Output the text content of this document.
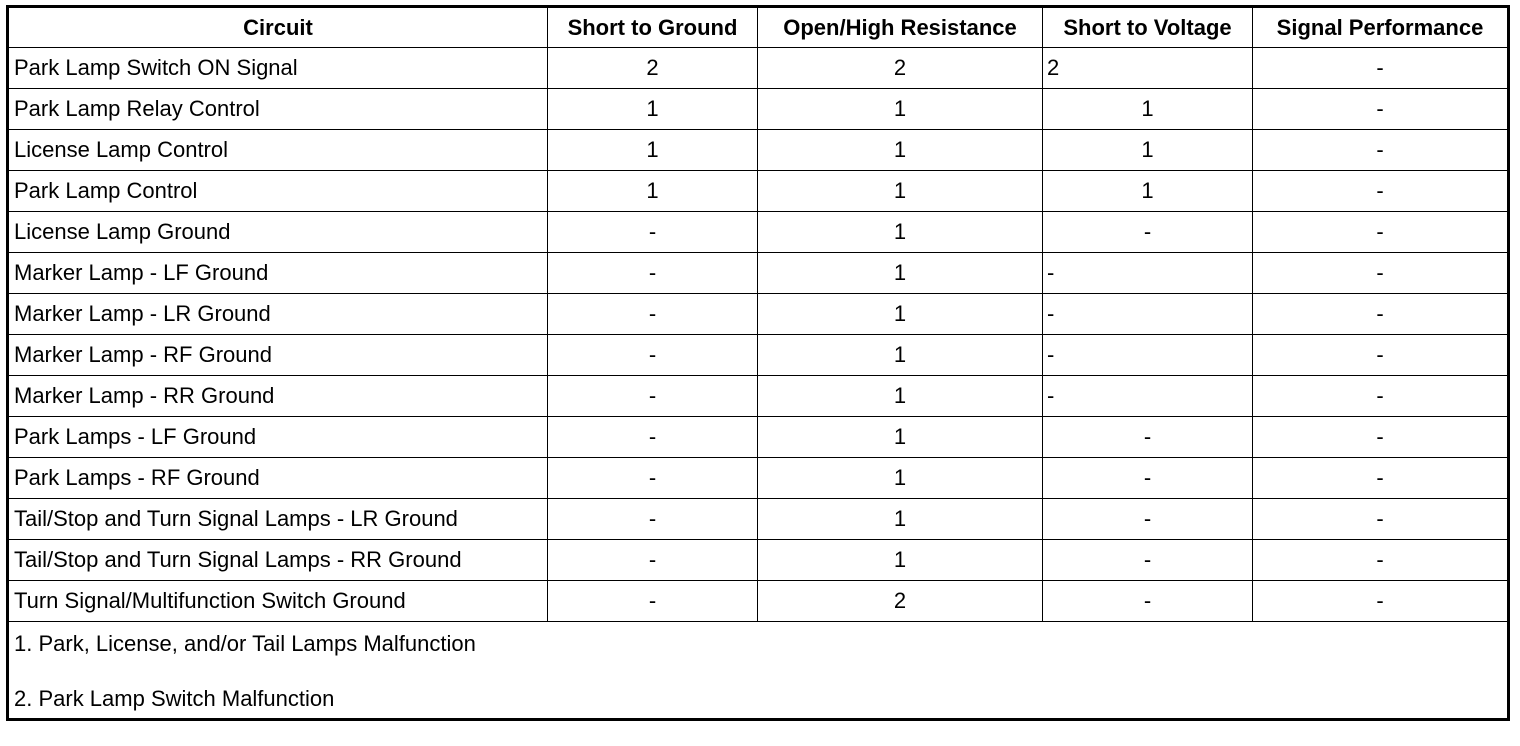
Circuit	Short to Ground	Open/High Resistance	Short to Voltage	Signal Performance
Park Lamp Switch ON Signal	2	2	2	-
Park Lamp Relay Control	1	1	1	-
License Lamp Control	1	1	1	-
Park Lamp Control	1	1	1	-
License Lamp Ground	-	1	-	-
Marker Lamp - LF Ground	-	1	-	-
Marker Lamp - LR Ground	-	1	-	-
Marker Lamp - RF Ground	-	1	-	-
Marker Lamp - RR Ground	-	1	-	-
Park Lamps - LF Ground	-	1	-	-
Park Lamps - RF Ground	-	1	-	-
Tail/Stop and Turn Signal Lamps - LR Ground	-	1	-	-
Tail/Stop and Turn Signal Lamps - RR Ground	-	1	-	-
Turn Signal/Multifunction Switch Ground	-	2	-	-

1. Park, License, and/or Tail Lamps Malfunction
2. Park Lamp Switch Malfunction				
